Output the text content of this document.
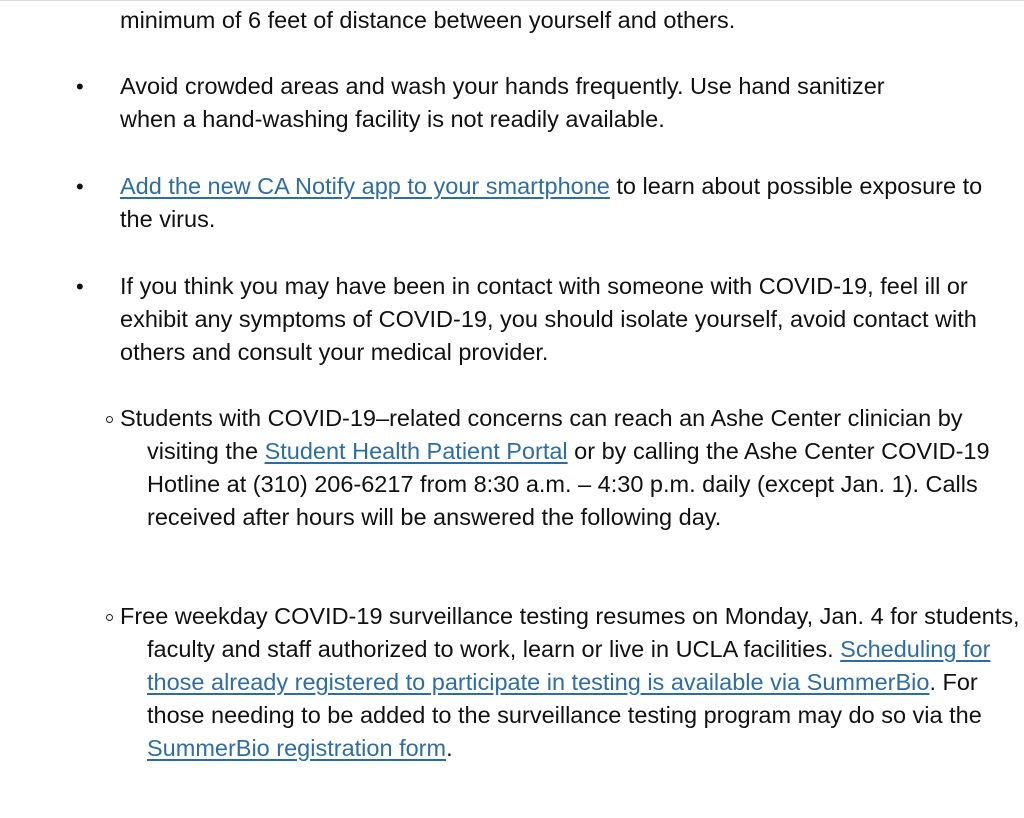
minimum of 6 feet of distance between yourself and others.

• Avoid crowded areas and wash your hands frequently. Use hand sanitizer when a hand-washing facility is not readily available.

• Add the new CA Notify app to your smartphone to learn about possible exposure to the virus.

• If you think you may have been in contact with someone with COVID-19, feel ill or exhibit any symptoms of COVID-19, you should isolate yourself, avoid contact with others and consult your medical provider.

Students with COVID-19–related concerns can reach an Ashe Center clinician by visiting the Student Health Patient Portal or by calling the Ashe Center COVID-19 Hotline at (310) 206-6217 from 8:30 a.m. – 4:30 p.m. daily (except Jan. 1). Calls received after hours will be answered the following day.

Free weekday COVID-19 surveillance testing resumes on Monday, Jan. 4 for students, faculty and staff authorized to work, learn or live in UCLA facilities. Scheduling for those already registered to participate in testing is available via SummerBio. For those needing to be added to the surveillance testing program may do so via the SummerBio registration form.
